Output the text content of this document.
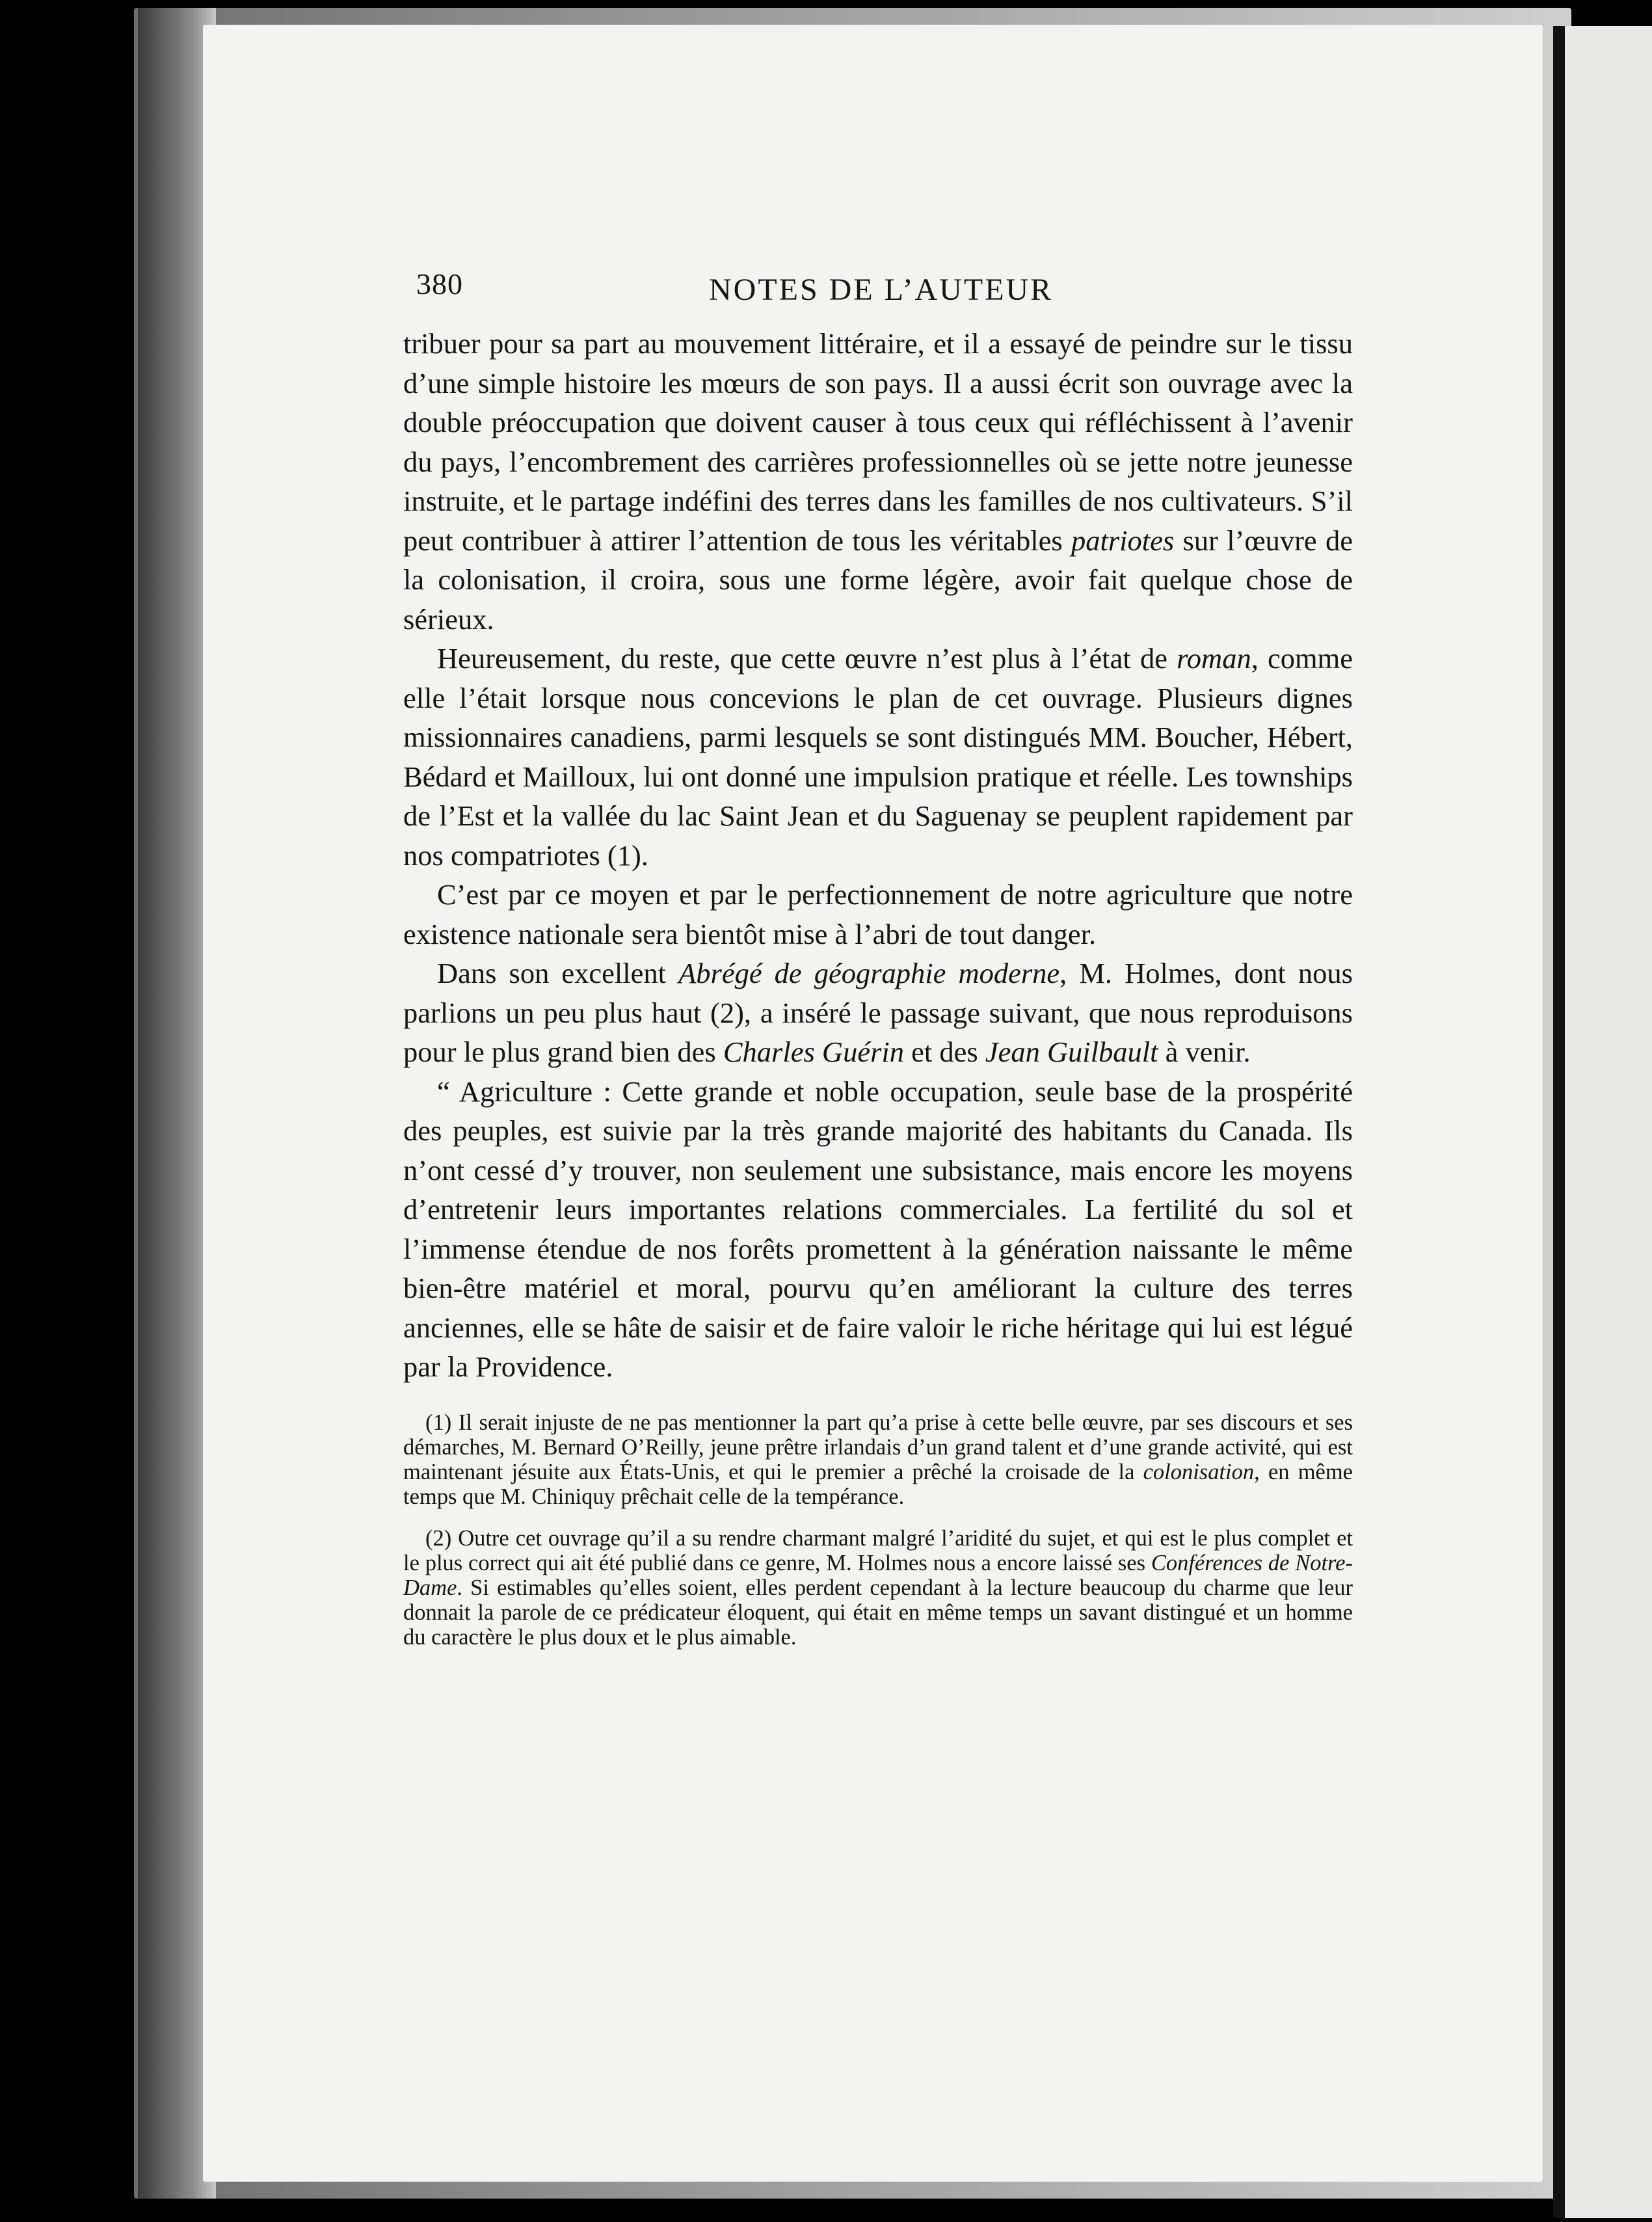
380	NOTES DE L’AUTEUR

tribuer pour sa part au mouvement littéraire, et il a essayé de peindre sur le tissu d’une simple histoire les mœurs de son pays. Il a aussi écrit son ouvrage avec la double préoccupation que doivent causer à tous ceux qui réfléchissent à l’avenir du pays, l’encombrement des carrières professionnelles où se jette notre jeunesse instruite, et le partage indéfini des terres dans les familles de nos cultivateurs. S’il peut contribuer à attirer l’attention de tous les véritables patriotes sur l’œuvre de la colonisation, il croira, sous une forme légère, avoir fait quelque chose de sérieux.

Heureusement, du reste, que cette œuvre n’est plus à l’état de roman, comme elle l’était lorsque nous concevions le plan de cet ouvrage. Plusieurs dignes missionnaires canadiens, parmi lesquels se sont distingués MM. Boucher, Hébert, Bédard et Mailloux, lui ont donné une impulsion pratique et réelle. Les townships de l’Est et la vallée du lac Saint Jean et du Saguenay se peuplent rapidement par nos compatriotes (1).

C’est par ce moyen et par le perfectionnement de notre agriculture que notre existence nationale sera bientôt mise à l’abri de tout danger.

Dans son excellent Abrégé de géographie moderne, M. Holmes, dont nous parlions un peu plus haut (2), a inséré le passage suivant, que nous reproduisons pour le plus grand bien des Charles Guérin et des Jean Guilbault à venir.

“ Agriculture : Cette grande et noble occupation, seule base de la prospérité des peuples, est suivie par la très grande majorité des habitants du Canada. Ils n’ont cessé d’y trouver, non seulement une subsistance, mais encore les moyens d’entretenir leurs importantes relations commerciales. La fertilité du sol et l’immense étendue de nos forêts promettent à la génération naissante le même bien-être matériel et moral, pourvu qu’en améliorant la culture des terres anciennes, elle se hâte de saisir et de faire valoir le riche héritage qui lui est légué par la Providence.

(1) Il serait injuste de ne pas mentionner la part qu’a prise à cette belle œuvre, par ses discours et ses démarches, M. Bernard O’Reilly, jeune prêtre irlandais d’un grand talent et d’une grande activité, qui est maintenant jésuite aux États-Unis, et qui le premier a prêché la croisade de la colonisation, en même temps que M. Chiniquy prêchait celle de la tempérance.

(2) Outre cet ouvrage qu’il a su rendre charmant malgré l’aridité du sujet, et qui est le plus complet et le plus correct qui ait été publié dans ce genre, M. Holmes nous a encore laissé ses Conférences de Notre-Dame. Si estimables qu’elles soient, elles perdent cependant à la lecture beaucoup du charme que leur donnait la parole de ce prédicateur éloquent, qui était en même temps un savant distingué et un homme du caractère le plus doux et le plus aimable.
